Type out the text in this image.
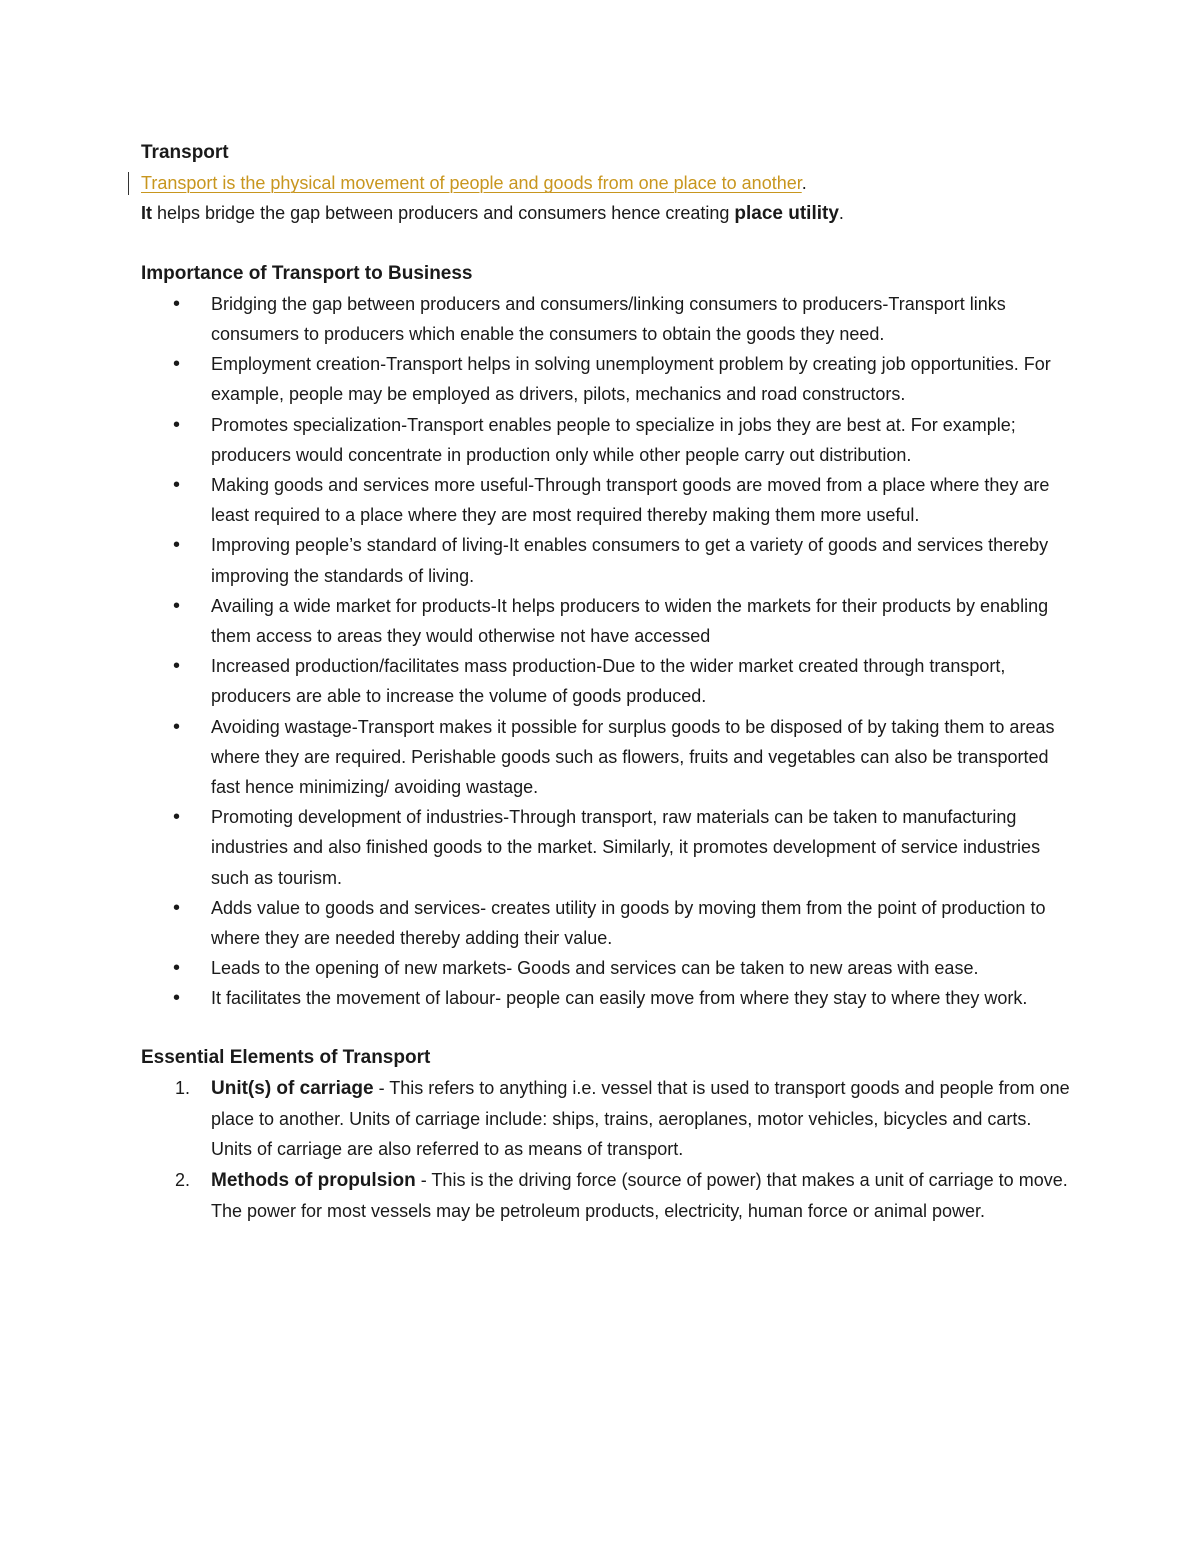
Transport

Transport is the physical movement of people and goods from one place to another.

It helps bridge the gap between producers and consumers hence creating place utility.

Importance of Transport to Business

• Bridging the gap between producers and consumers/linking consumers to producers-Transport links consumers to producers which enable the consumers to obtain the goods they need.
• Employment creation-Transport helps in solving unemployment problem by creating job opportunities. For example, people may be employed as drivers, pilots, mechanics and road constructors.
• Promotes specialization-Transport enables people to specialize in jobs they are best at. For example; producers would concentrate in production only while other people carry out distribution.
• Making goods and services more useful-Through transport goods are moved from a place where they are least required to a place where they are most required thereby making them more useful.
• Improving people’s standard of living-It enables consumers to get a variety of goods and services thereby improving the standards of living.
• Availing a wide market for products-It helps producers to widen the markets for their products by enabling them access to areas they would otherwise not have accessed
• Increased production/facilitates mass production-Due to the wider market created through transport, producers are able to increase the volume of goods produced.
• Avoiding wastage-Transport makes it possible for surplus goods to be disposed of by taking them to areas where they are required. Perishable goods such as flowers, fruits and vegetables can also be transported fast hence minimizing/ avoiding wastage.
• Promoting development of industries-Through transport, raw materials can be taken to manufacturing industries and also finished goods to the market. Similarly, it promotes development of service industries such as tourism.
• Adds value to goods and services- creates utility in goods by moving them from the point of production to where they are needed thereby adding their value.
• Leads to the opening of new markets- Goods and services can be taken to new areas with ease.
• It facilitates the movement of labour- people can easily move from where they stay to where they work.

Essential Elements of Transport

1. Unit(s) of carriage - This refers to anything i.e. vessel that is used to transport goods and people from one place to another. Units of carriage include: ships, trains, aeroplanes, motor vehicles, bicycles and carts. Units of carriage are also referred to as means of transport.
2. Methods of propulsion - This is the driving force (source of power) that makes a unit of carriage to move. The power for most vessels may be petroleum products, electricity, human force or animal power.
